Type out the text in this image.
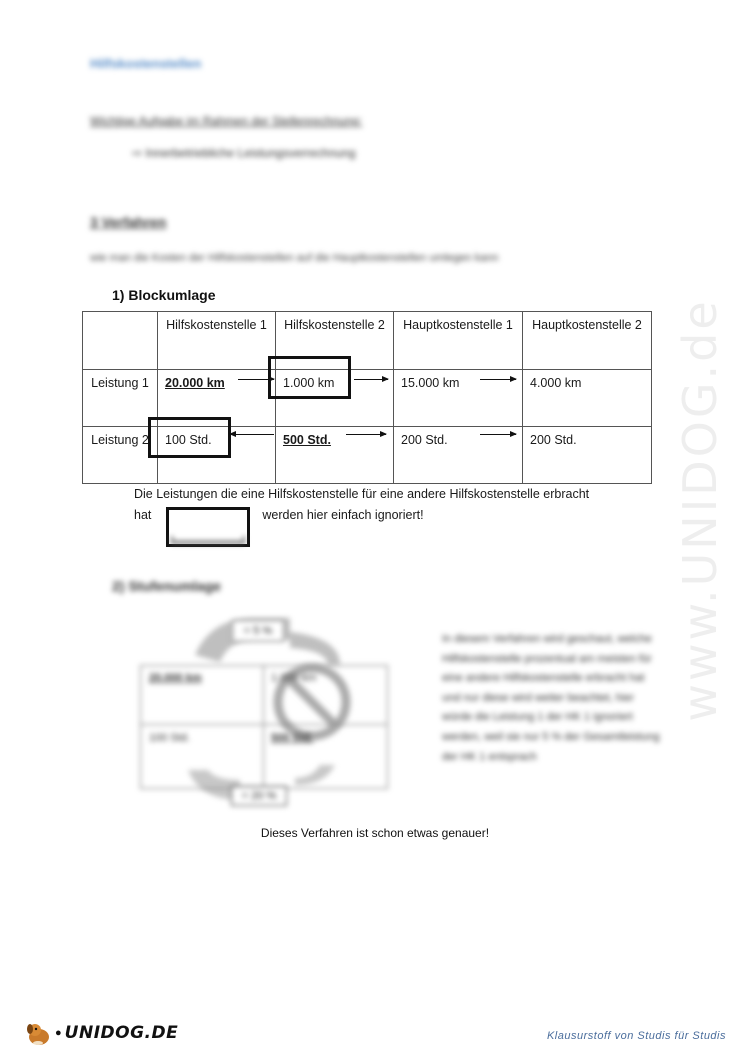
www.UNIDOG.de
Hilfskostenstellen
Wichtige Aufgabe im Rahmen der Stellenrechnung:
⇨ Innerbetriebliche Leistungsverrechnung
3 Verfahren
wie man die Kosten der Hilfskostenstellen auf die Hauptkostenstellen umlegen kann
1) Blockumlage
	Hilfskostenstelle 1	Hilfskostenstelle 2	Hauptkostenstelle 1	Hauptkostenstelle 2
Leistung 1	20.000 km	1.000 km	15.000 km	4.000 km
Leistung 2	100 Std.	500 Std.	200 Std.	200 Std.
Die Leistungen die eine Hilfskostenstelle für eine andere Hilfskostenstelle erbracht
hat	werden hier einfach ignoriert!
2) Stufenumlage
20.000 km	1.000 km
100 Std.	500 Std.
= 5 %
= 20 %
In diesem Verfahren wird geschaut, welche Hilfskostenstelle prozentual am meisten für eine andere Hilfskostenstelle erbracht hat und nur diese wird weiter beachtet, hier würde die Leistung 1 der HK 1 ignoriert werden, weil sie nur 5 % der Gesamtleistung der HK 1 entsprach
Dieses Verfahren ist schon etwas genauer!
● UNIDOG.DE	Klausurstoff von Studis für Studis
